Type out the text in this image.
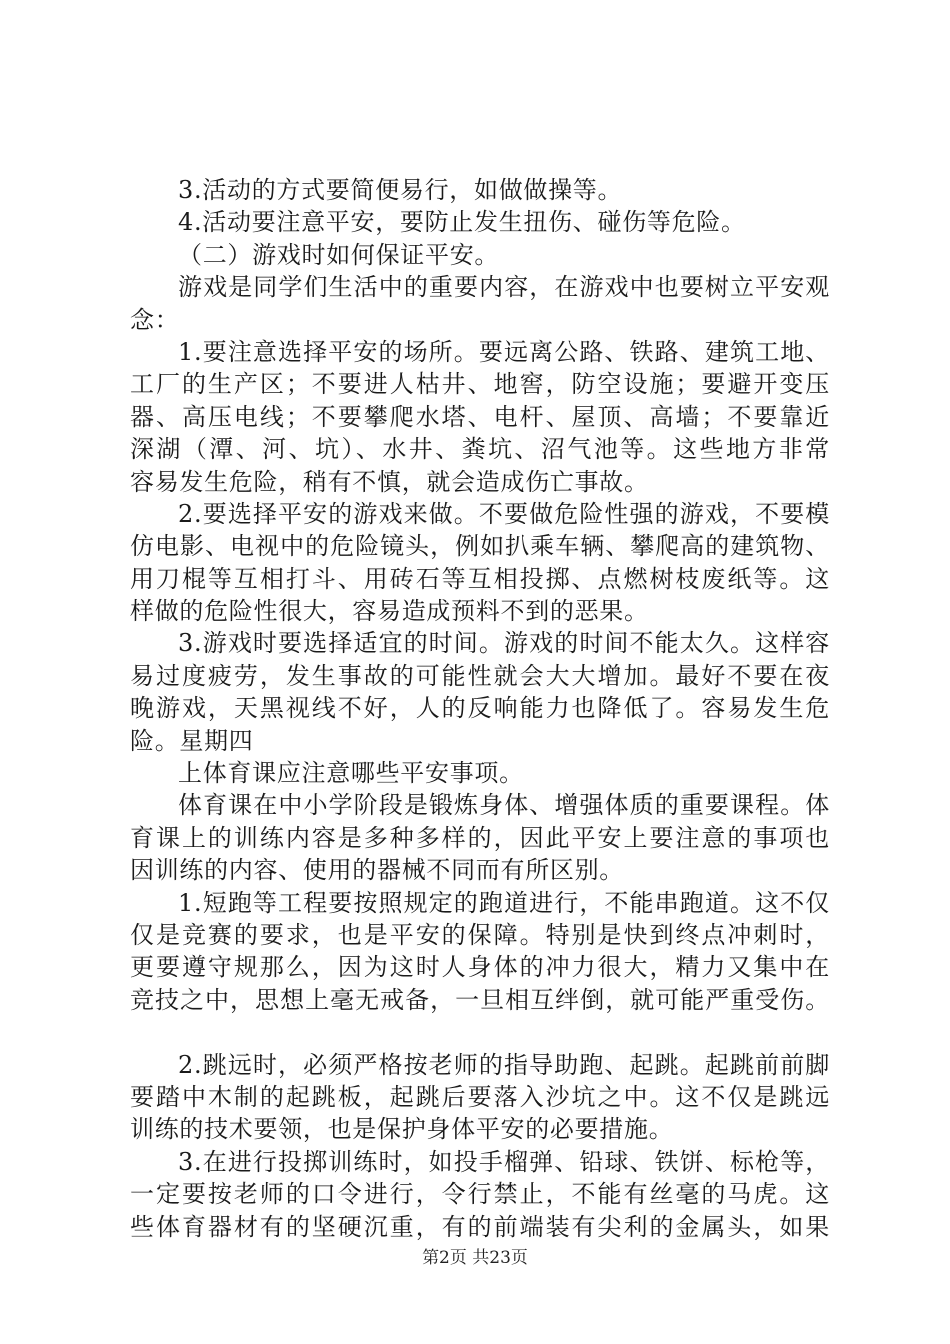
3.活动的方式要简便易行，如做做操等。
4.活动要注意平安，要防止发生扭伤、碰伤等危险。
（二）游戏时如何保证平安。
游戏是同学们生活中的重要内容，在游戏中也要树立平安观
念：
1.要注意选择平安的场所。要远离公路、铁路、建筑工地、
工厂的生产区；不要进人枯井、地窖，防空设施；要避开变压
器、高压电线；不要攀爬水塔、电杆、屋顶、高墙；不要靠近
深湖（潭、河、坑）、水井、粪坑、沼气池等。这些地方非常
容易发生危险，稍有不慎，就会造成伤亡事故。
2.要选择平安的游戏来做。不要做危险性强的游戏，不要模
仿电影、电视中的危险镜头，例如扒乘车辆、攀爬高的建筑物、
用刀棍等互相打斗、用砖石等互相投掷、点燃树枝废纸等。这
样做的危险性很大，容易造成预料不到的恶果。
3.游戏时要选择适宜的时间。游戏的时间不能太久。这样容
易过度疲劳，发生事故的可能性就会大大增加。最好不要在夜
晚游戏，天黑视线不好，人的反响能力也降低了。容易发生危
险。星期四
上体育课应注意哪些平安事项。
体育课在中小学阶段是锻炼身体、增强体质的重要课程。体
育课上的训练内容是多种多样的，因此平安上要注意的事项也
因训练的内容、使用的器械不同而有所区别。
1.短跑等工程要按照规定的跑道进行，不能串跑道。这不仅
仅是竞赛的要求，也是平安的保障。特别是快到终点冲刺时，
更要遵守规那么，因为这时人身体的冲力很大，精力又集中在
竞技之中，思想上毫无戒备，一旦相互绊倒，就可能严重受伤。
2.跳远时，必须严格按老师的指导助跑、起跳。起跳前前脚
要踏中木制的起跳板，起跳后要落入沙坑之中。这不仅是跳远
训练的技术要领，也是保护身体平安的必要措施。
3.在进行投掷训练时，如投手榴弹、铅球、铁饼、标枪等，
一定要按老师的口令进行，令行禁止，不能有丝毫的马虎。这
些体育器材有的坚硬沉重，有的前端装有尖利的金属头，如果
第2页 共23页
